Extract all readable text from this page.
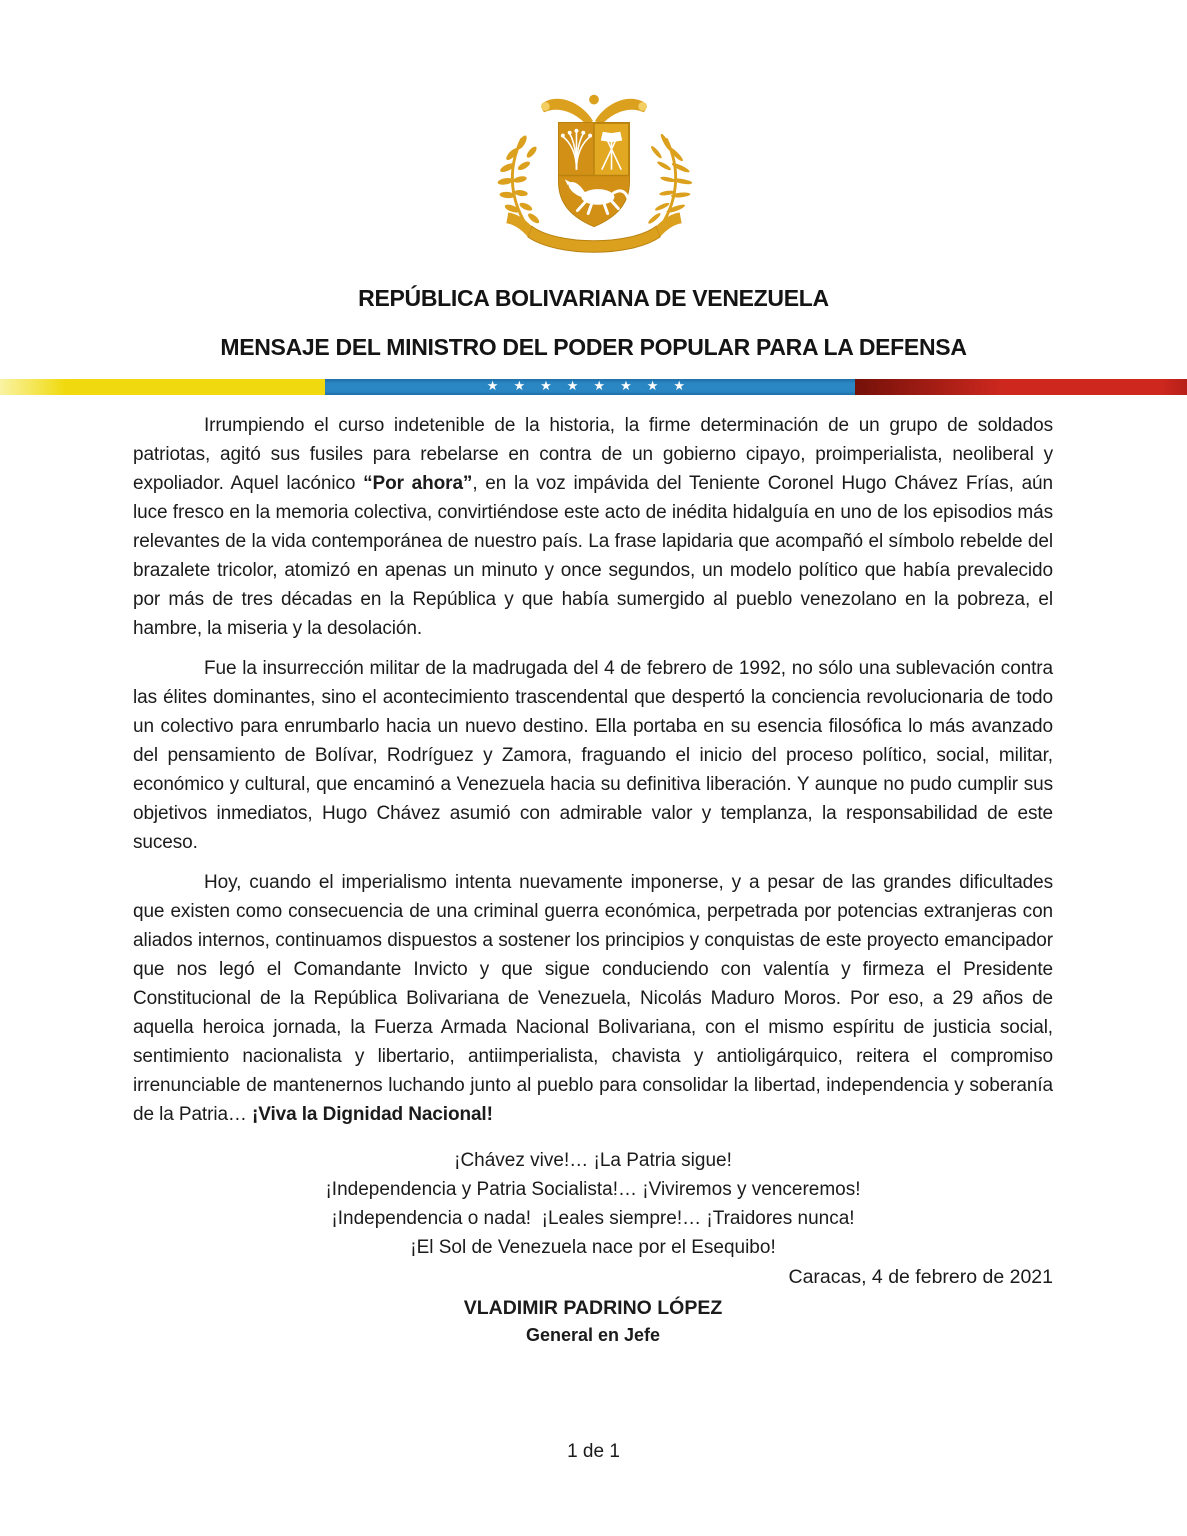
REPÚBLICA BOLIVARIANA DE VENEZUELA
MENSAJE DEL MINISTRO DEL PODER POPULAR PARA LA DEFENSA
★★★★★★★★

Irrumpiendo el curso indetenible de la historia, la firme determinación de un grupo de soldados patriotas, agitó sus fusiles para rebelarse en contra de un gobierno cipayo, proimperialista, neoliberal y expoliador. Aquel lacónico “Por ahora”, en la voz impávida del Teniente Coronel Hugo Chávez Frías, aún luce fresco en la memoria colectiva, convirtiéndose este acto de inédita hidalguía en uno de los episodios más relevantes de la vida contemporánea de nuestro país. La frase lapidaria que acompañó el símbolo rebelde del brazalete tricolor, atomizó en apenas un minuto y once segundos, un modelo político que había prevalecido por más de tres décadas en la República y que había sumergido al pueblo venezolano en la pobreza, el hambre, la miseria y la desolación.

Fue la insurrección militar de la madrugada del 4 de febrero de 1992, no sólo una sublevación contra las élites dominantes, sino el acontecimiento trascendental que despertó la conciencia revolucionaria de todo un colectivo para enrumbarlo hacia un nuevo destino. Ella portaba en su esencia filosófica lo más avanzado del pensamiento de Bolívar, Rodríguez y Zamora, fraguando el inicio del proceso político, social, militar, económico y cultural, que encaminó a Venezuela hacia su definitiva liberación. Y aunque no pudo cumplir sus objetivos inmediatos, Hugo Chávez asumió con admirable valor y templanza, la responsabilidad de este suceso.

Hoy, cuando el imperialismo intenta nuevamente imponerse, y a pesar de las grandes dificultades que existen como consecuencia de una criminal guerra económica, perpetrada por potencias extranjeras con aliados internos, continuamos dispuestos a sostener los principios y conquistas de este proyecto emancipador que nos legó el Comandante Invicto y que sigue conduciendo con valentía y firmeza el Presidente Constitucional de la República Bolivariana de Venezuela, Nicolás Maduro Moros. Por eso, a 29 años de aquella heroica jornada, la Fuerza Armada Nacional Bolivariana, con el mismo espíritu de justicia social, sentimiento nacionalista y libertario, antiimperialista, chavista y antioligárquico, reitera el compromiso irrenunciable de mantenernos luchando junto al pueblo para consolidar la libertad, independencia y soberanía de la Patria… ¡Viva la Dignidad Nacional!

¡Chávez vive!… ¡La Patria sigue!
¡Independencia y Patria Socialista!… ¡Viviremos y venceremos!
¡Independencia o nada!  ¡Leales siempre!… ¡Traidores nunca!
¡El Sol de Venezuela nace por el Esequibo!
Caracas, 4 de febrero de 2021
VLADIMIR PADRINO LÓPEZ
General en Jefe
1 de 1
